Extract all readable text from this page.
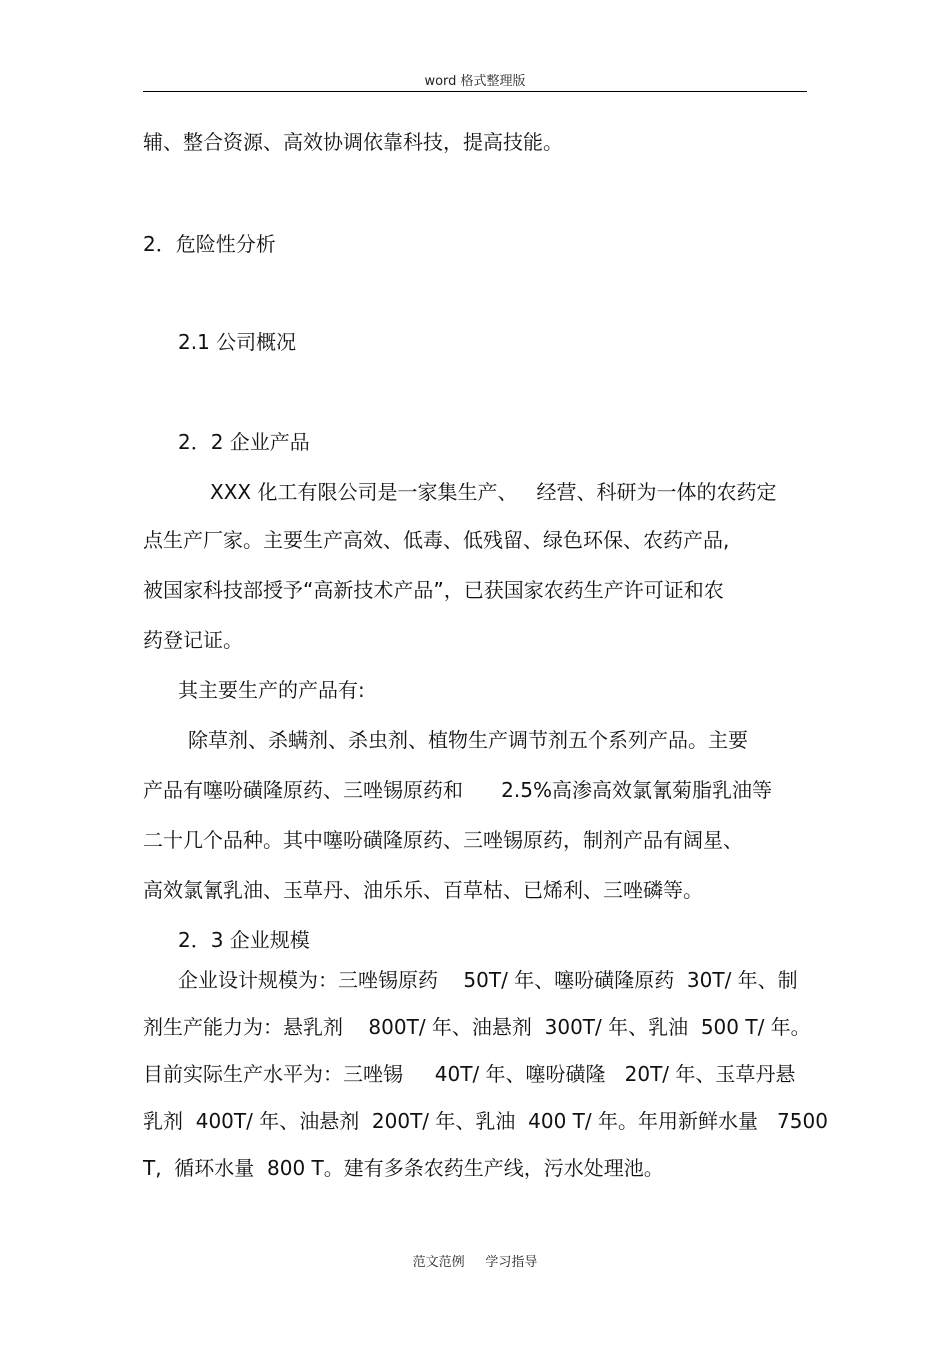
word 格式整理版
辅、整合资源、高效协调依靠科技，提高技能。
2．危险性分析
2.1 公司概况
2．2 企业产品
XXX 化工有限公司是一家集生产、   经营、科研为一体的农药定
点生产厂家。主要生产高效、低毒、低残留、绿色环保、农药产品,
被国家科技部授予“高新技术产品”，已获国家农药生产许可证和农
药登记证。
其主要生产的产品有:
除草剂、杀螨剂、杀虫剂、植物生产调节剂五个系列产品。主要
产品有噻吩磺隆原药、三唑锡原药和      2.5%高渗高效氯氰菊脂乳油等
二十几个品种。其中噻吩磺隆原药、三唑锡原药，制剂产品有阔星、
高效氯氰乳油、玉草丹、油乐乐、百草枯、已烯利、三唑磷等。
2．3 企业规模
企业设计规模为：三唑锡原药    50T/ 年、噻吩磺隆原药  30T/ 年、制
剂生产能力为：悬乳剂    800T/ 年、油悬剂  300T/ 年、乳油  500 T/ 年。
目前实际生产水平为：三唑锡     40T/ 年、噻吩磺隆   20T/ 年、玉草丹悬
乳剂  400T/ 年、油悬剂  200T/ 年、乳油  400 T/ 年。年用新鲜水量   7500
T,  循环水量  800 T。建有多条农药生产线，污水处理池。
范文范例     学习指导
